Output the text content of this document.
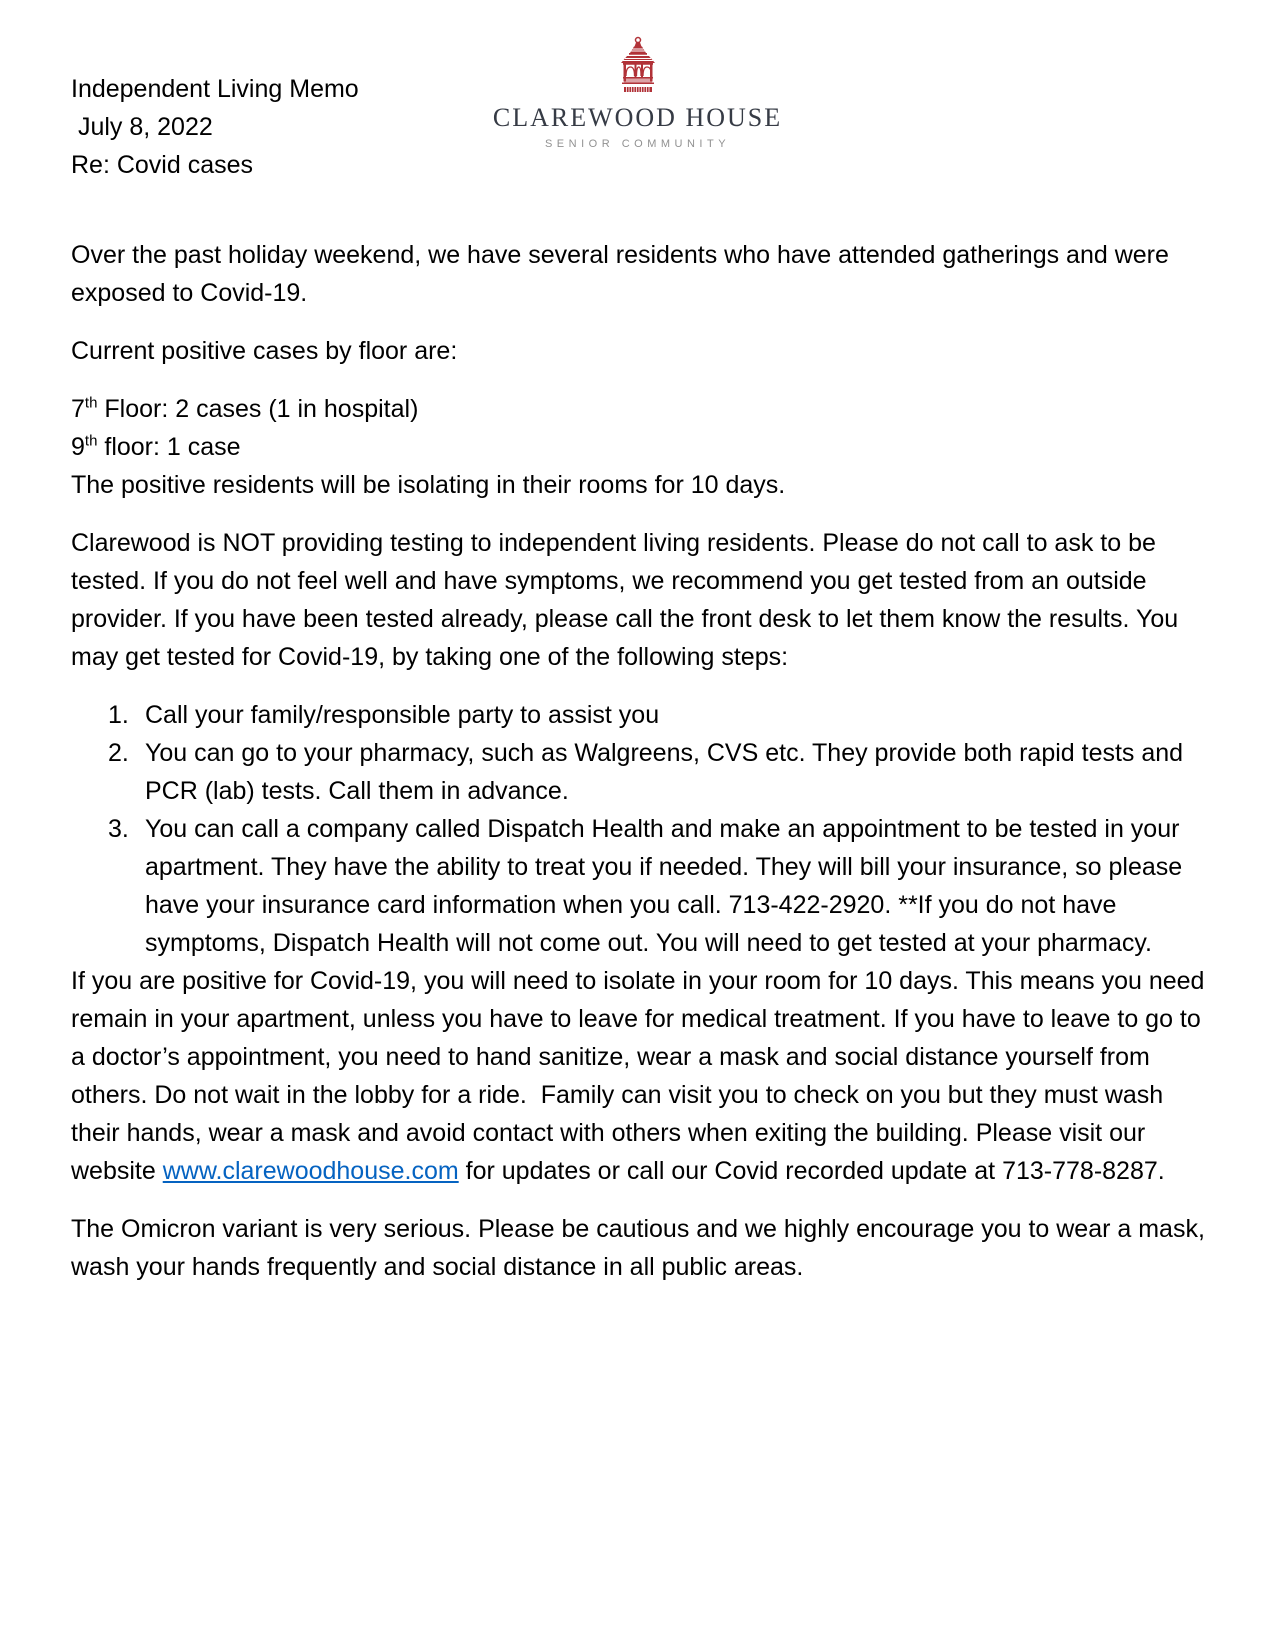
Independent Living Memo
July 8, 2022
Re: Covid cases
CLAREWOOD HOUSE
SENIOR COMMUNITY

Over the past holiday weekend, we have several residents who have attended gatherings and were exposed to Covid-19.

Current positive cases by floor are:

7th Floor: 2 cases (1 in hospital)
9th floor: 1 case
The positive residents will be isolating in their rooms for 10 days.

Clarewood is NOT providing testing to independent living residents. Please do not call to ask to be tested. If you do not feel well and have symptoms, we recommend you get tested from an outside provider. If you have been tested already, please call the front desk to let them know the results. You may get tested for Covid-19, by taking one of the following steps:

1. Call your family/responsible party to assist you
2. You can go to your pharmacy, such as Walgreens, CVS etc. They provide both rapid tests and PCR (lab) tests. Call them in advance.
3. You can call a company called Dispatch Health and make an appointment to be tested in your apartment. They have the ability to treat you if needed. They will bill your insurance, so please have your insurance card information when you call. 713-422-2920. **If you do not have symptoms, Dispatch Health will not come out. You will need to get tested at your pharmacy.

If you are positive for Covid-19, you will need to isolate in your room for 10 days. This means you need remain in your apartment, unless you have to leave for medical treatment. If you have to leave to go to a doctor’s appointment, you need to hand sanitize, wear a mask and social distance yourself from others. Do not wait in the lobby for a ride.  Family can visit you to check on you but they must wash their hands, wear a mask and avoid contact with others when exiting the building. Please visit our website www.clarewoodhouse.com for updates or call our Covid recorded update at 713-778-8287.

The Omicron variant is very serious. Please be cautious and we highly encourage you to wear a mask, wash your hands frequently and social distance in all public areas.
